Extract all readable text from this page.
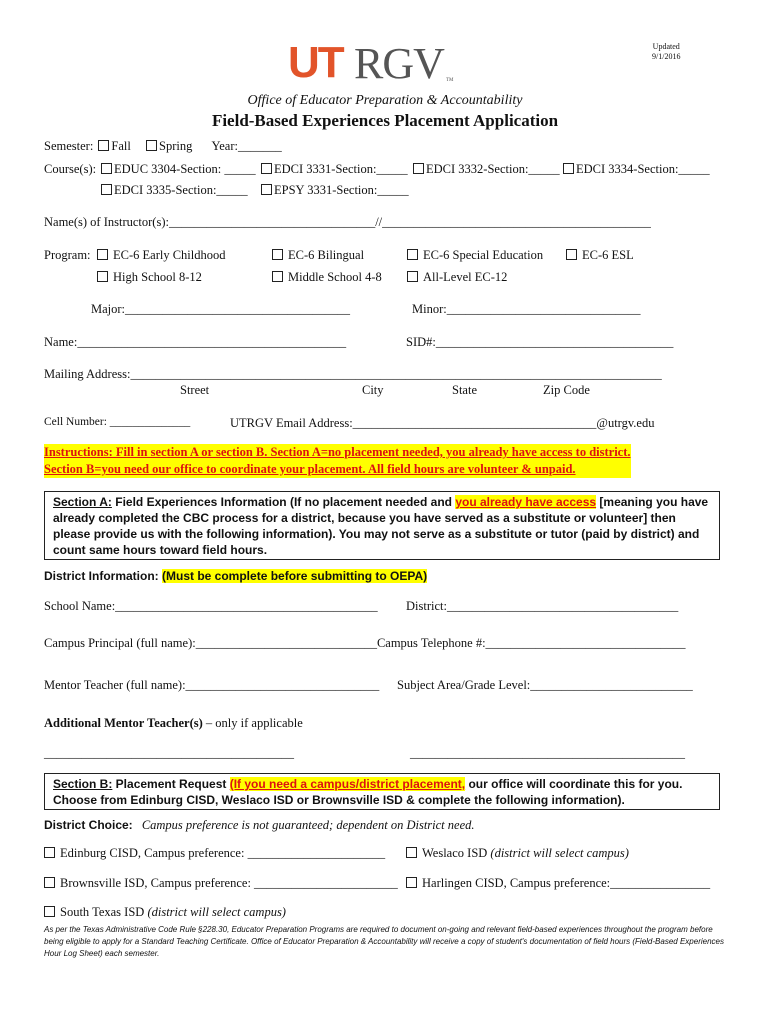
UT RGV TM
Updated
9/1/2016
Office of Educator Preparation & Accountability
Field-Based Experiences Placement Application
Semester: Fall Spring Year:_______
Course(s):	EDUC 3304-Section: _____	EDCI 3331-Section:_____	EDCI 3332-Section:_____	EDCI 3334-Section:_____
EDCI 3335-Section:_____	EPSY 3331-Section:_____
Name(s) of Instructor(s):_________________________________//___________________________________________
Program:	EC-6 Early Childhood	EC-6 Bilingual	EC-6 Special Education	EC-6 ESL
High School 8-12	Middle School 4-8	All-Level EC-12
Major:____________________________________	Minor:_______________________________
Name:___________________________________________	SID#:______________________________________
Mailing Address:_____________________________________________________________________________________
Street	City	State	Zip Code
Cell Number: ______________	UTRGV Email Address:_______________________________________@utrgv.edu
Instructions: Fill in section A or section B. Section A=no placement needed, you already have access to district.
Section B=you need our office to coordinate your placement. All field hours are volunteer & unpaid.
Section A: Field Experiences Information (If no placement needed and you already have access [meaning you have already completed the CBC process for a district, because you have served as a substitute or volunteer] then please provide us with the following information). You may not serve as a substitute or tutor (paid by district) and count same hours toward field hours.
District Information: (Must be complete before submitting to OEPA)
School Name:__________________________________________ District:_____________________________________
Campus Principal (full name):_____________________________Campus Telephone #:________________________________
Mentor Teacher (full name):_______________________________ Subject Area/Grade Level:__________________________
Additional Mentor Teacher(s) – only if applicable
________________________________________	____________________________________________
Section B: Placement Request (If you need a campus/district placement, our office will coordinate this for you. Choose from Edinburg CISD, Weslaco ISD or Brownsville ISD & complete the following information).
District Choice: Campus preference is not guaranteed; dependent on District need.
Edinburg CISD, Campus preference: ______________________	Weslaco ISD (district will select campus)
Brownsville ISD, Campus preference: _______________________	Harlingen CISD, Campus preference:________________
South Texas ISD (district will select campus)
As per the Texas Administrative Code Rule §228.30, Educator Preparation Programs are required to document on-going and relevant field-based experiences throughout the program before being eligible to apply for a Standard Teaching Certificate. Office of Educator Preparation & Accountability will receive a copy of student's documentation of field hours (Field-Based Experiences Hour Log Sheet) each semester.
